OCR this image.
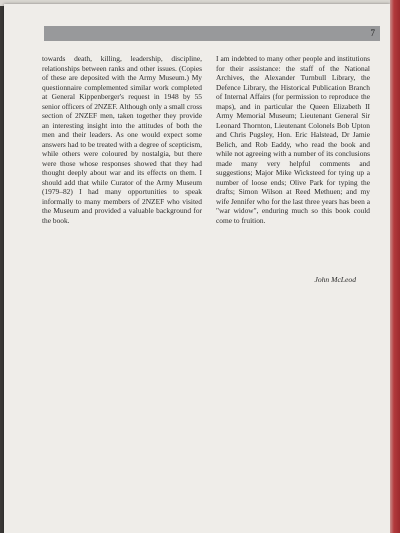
7

towards death, killing, leadership, discipline, relationships between ranks and other issues. (Copies of these are deposited with the Army Museum.) My questionnaire complemented similar work completed at General Kippenberger's request in 1948 by 55 senior officers of 2NZEF. Although only a small cross section of 2NZEF men, taken together they provide an interesting insight into the attitudes of both the men and their leaders. As one would expect some answers had to be treated with a degree of scepticism, while others were coloured by nostalgia, but there were those whose responses showed that they had thought deeply about war and its effects on them. I should add that while Curator of the Army Museum (1979–82) I had many opportunities to speak informally to many members of 2NZEF who visited the Museum and provided a valuable background for the book.

I am indebted to many other people and institutions for their assistance: the staff of the National Archives, the Alexander Turnbull Library, the Defence Library, the Historical Publication Branch of Internal Affairs (for permission to reproduce the maps), and in particular the Queen Elizabeth II Army Memorial Museum; Lieutenant General Sir Leonard Thornton, Lieutenant Colonels Bob Upton and Chris Pugsley, Hon. Eric Halstead, Dr Jamie Belich, and Rob Eaddy, who read the book and while not agreeing with a number of its conclusions made many very helpful comments and suggestions; Major Mike Wicksteed for tying up a number of loose ends; Olive Park for typing the drafts; Simon Wilson at Reed Methuen; and my wife Jennifer who for the last three years has been a "war widow", enduring much so this book could come to fruition.

John McLeod
